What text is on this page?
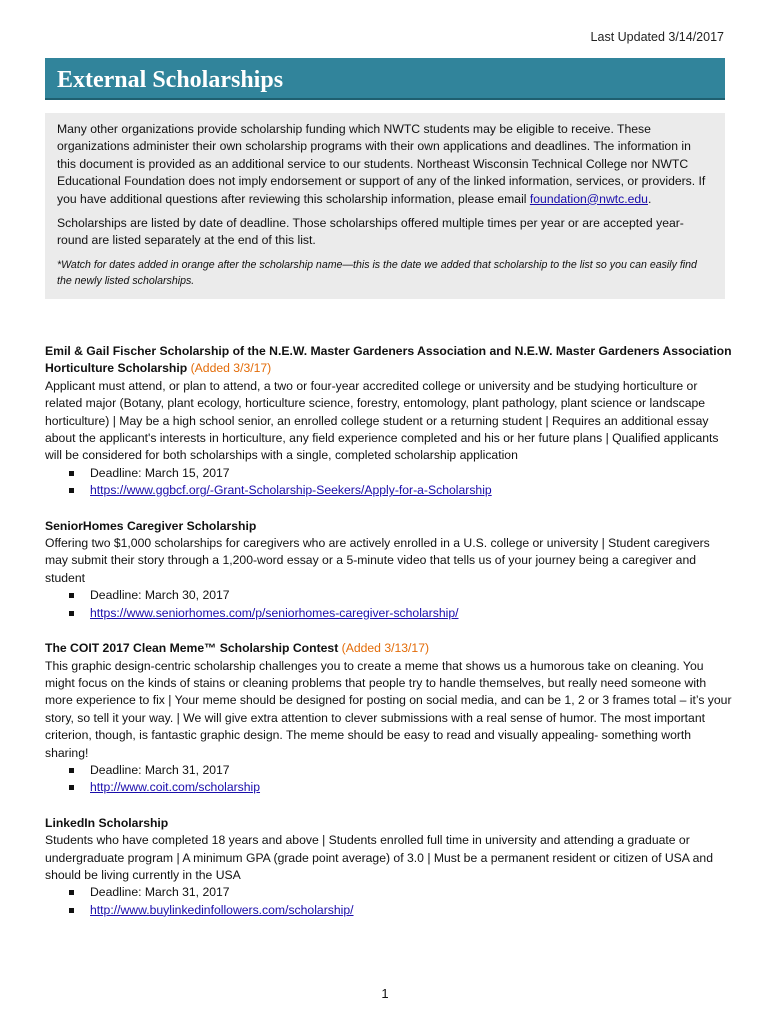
Last Updated 3/14/2017
External Scholarships

Many other organizations provide scholarship funding which NWTC students may be eligible to receive. These organizations administer their own scholarship programs with their own applications and deadlines. The information in this document is provided as an additional service to our students. Northeast Wisconsin Technical College nor NWTC Educational Foundation does not imply endorsement or support of any of the linked information, services, or providers. If you have additional questions after reviewing this scholarship information, please email foundation@nwtc.edu.

Scholarships are listed by date of deadline. Those scholarships offered multiple times per year or are accepted year-round are listed separately at the end of this list.

*Watch for dates added in orange after the scholarship name—this is the date we added that scholarship to the list so you can easily find the newly listed scholarships.

Emil & Gail Fischer Scholarship of the N.E.W. Master Gardeners Association and N.E.W. Master Gardeners Association Horticulture Scholarship (Added 3/3/17)
Applicant must attend, or plan to attend, a two or four-year accredited college or university and be studying horticulture or related major (Botany, plant ecology, horticulture science, forestry, entomology, plant pathology, plant science or landscape horticulture) | May be a high school senior, an enrolled college student or a returning student | Requires an additional essay about the applicant's interests in horticulture, any field experience completed and his or her future plans | Qualified applicants will be considered for both scholarships with a single, completed scholarship application
Deadline: March 15, 2017
https://www.ggbcf.org/-Grant-Scholarship-Seekers/Apply-for-a-Scholarship
SeniorHomes Caregiver Scholarship
Offering two $1,000 scholarships for caregivers who are actively enrolled in a U.S. college or university | Student caregivers may submit their story through a 1,200-word essay or a 5-minute video that tells us of your journey being a caregiver and student
Deadline: March 30, 2017
https://www.seniorhomes.com/p/seniorhomes-caregiver-scholarship/
The COIT 2017 Clean Meme™ Scholarship Contest (Added 3/13/17)
This graphic design-centric scholarship challenges you to create a meme that shows us a humorous take on cleaning. You might focus on the kinds of stains or cleaning problems that people try to handle themselves, but really need someone with more experience to fix | Your meme should be designed for posting on social media, and can be 1, 2 or 3 frames total – it’s your story, so tell it your way. | We will give extra attention to clever submissions with a real sense of humor. The most important criterion, though, is fantastic graphic design. The meme should be easy to read and visually appealing- something worth sharing!
Deadline: March 31, 2017
http://www.coit.com/scholarship
LinkedIn Scholarship
Students who have completed 18 years and above | Students enrolled full time in university and attending a graduate or undergraduate program | A minimum GPA (grade point average) of 3.0 | Must be a permanent resident or citizen of USA and should be living currently in the USA
Deadline: March 31, 2017
http://www.buylinkedinfollowers.com/scholarship/
1
